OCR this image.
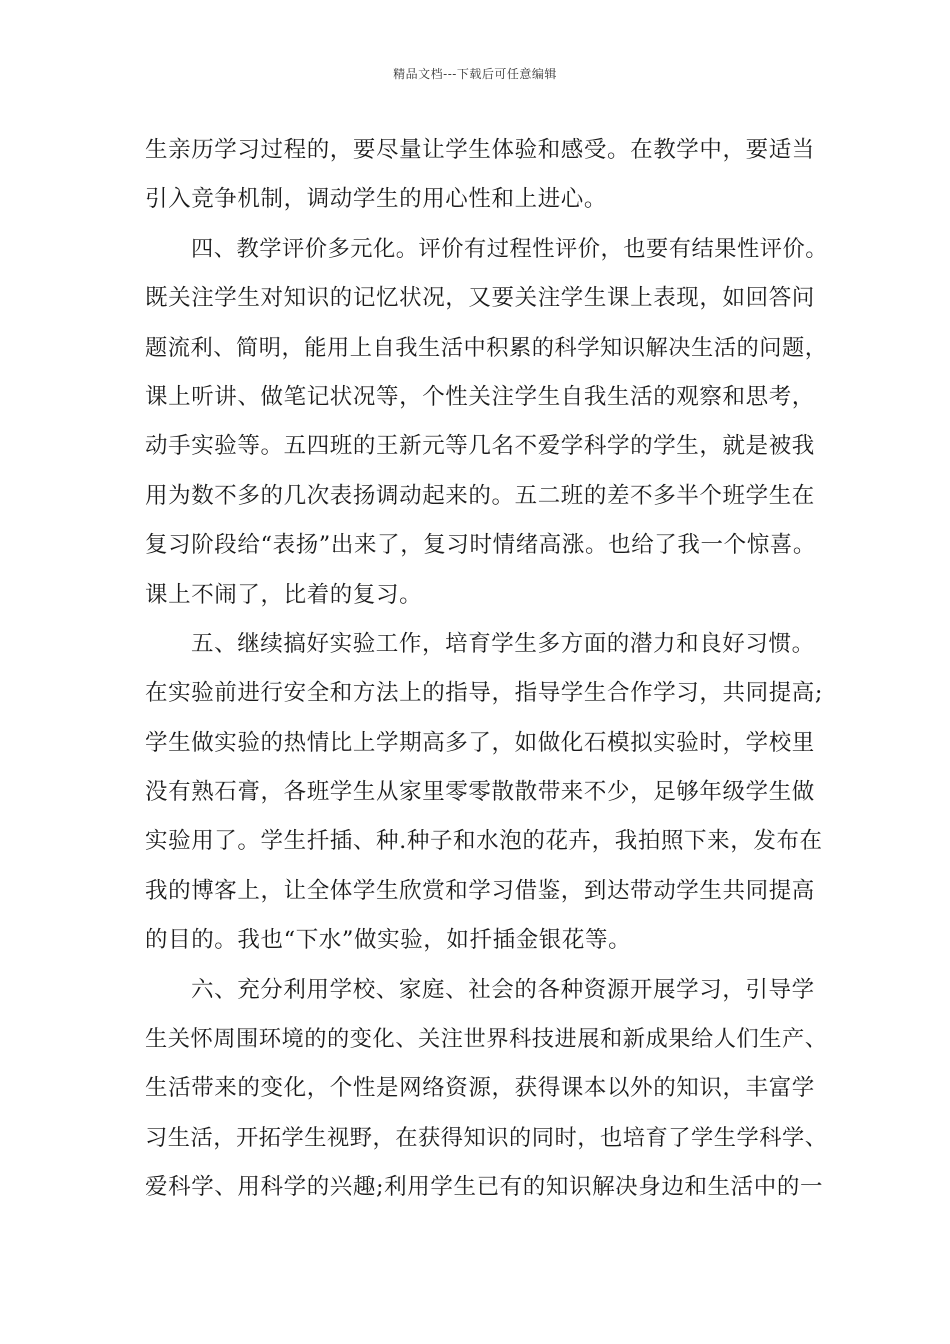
精品文档---下载后可任意编辑
生亲历学习过程的，要尽量让学生体验和感受。在教学中，要适当
引入竞争机制，调动学生的用心性和上进心。
四、教学评价多元化。评价有过程性评价，也要有结果性评价。
既关注学生对知识的记忆状况，又要关注学生课上表现，如回答问
题流利、简明，能用上自我生活中积累的科学知识解决生活的问题，
课上听讲、做笔记状况等，个性关注学生自我生活的观察和思考，
动手实验等。五四班的王新元等几名不爱学科学的学生，就是被我
用为数不多的几次表扬调动起来的。五二班的差不多半个班学生在
复习阶段给“表扬”出来了，复习时情绪高涨。也给了我一个惊喜。
课上不闹了，比着的复习。
五、继续搞好实验工作，培育学生多方面的潜力和良好习惯。
在实验前进行安全和方法上的指导，指导学生合作学习，共同提高;
学生做实验的热情比上学期高多了，如做化石模拟实验时，学校里
没有熟石膏，各班学生从家里零零散散带来不少，足够年级学生做
实验用了。学生扦插、种.种子和水泡的花卉，我拍照下来，发布在
我的博客上，让全体学生欣赏和学习借鉴，到达带动学生共同提高
的目的。我也“下水”做实验，如扦插金银花等。
六、充分利用学校、家庭、社会的各种资源开展学习，引导学
生关怀周围环境的的变化、关注世界科技进展和新成果给人们生产、
生活带来的变化，个性是网络资源，获得课本以外的知识，丰富学
习生活，开拓学生视野，在获得知识的同时，也培育了学生学科学、
爱科学、用科学的兴趣;利用学生已有的知识解决身边和生活中的一
